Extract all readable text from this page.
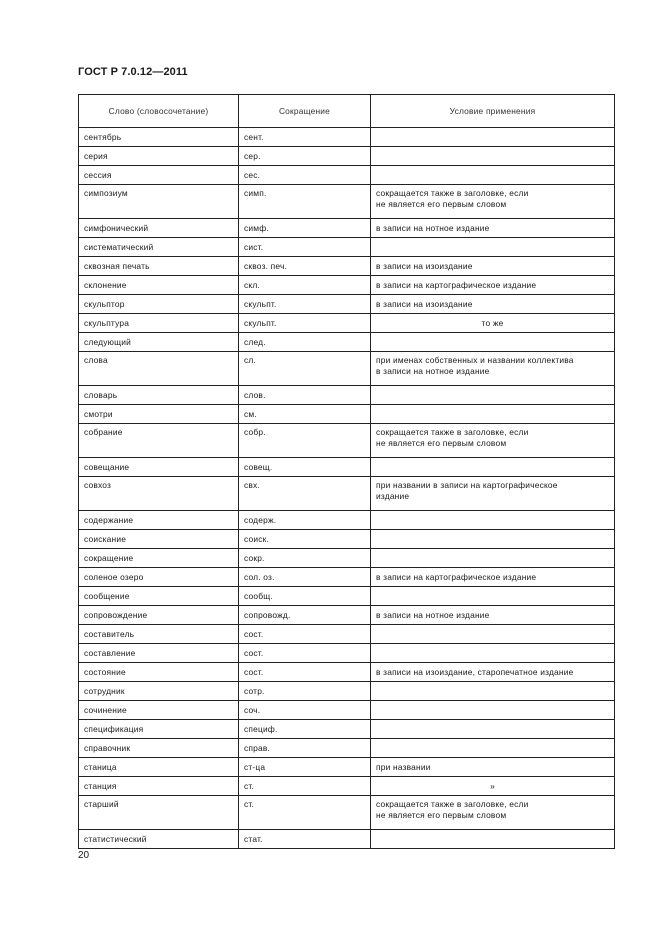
ГОСТ Р 7.0.12—2011
Слово (словосочетание)	Сокращение	Условие применения
сентябрь	сент.	
серия	сер.	
сессия	сес.	
симпозиум	симп.	сокращается также в заголовке, если
не является его первым словом
симфонический	симф.	в записи на нотное издание
систематический	сист.	
сквозная печать	сквоз. печ.	в записи на изоиздание
склонение	скл.	в записи на картографическое издание
скульптор	скульпт.	в записи на изоиздание
скульптура	скульпт.	то же
следующий	след.	
слова	сл.	при именах собственных и названии коллектива
в записи на нотное издание
словарь	слов.	
смотри	см.	
собрание	собр.	сокращается также в заголовке, если
не является его первым словом
совещание	совещ.	
совхоз	свх.	при названии в записи на картографическое
издание
содержание	содерж.	
соискание	соиск.	
сокращение	сокр.	
соленое озеро	сол. оз.	в записи на картографическое издание
сообщение	сообщ.	
сопровождение	сопровожд.	в записи на нотное издание
составитель	сост.	
составление	сост.	
состояние	сост.	в записи на изоиздание, старопечатное издание
сотрудник	сотр.	
сочинение	соч.	
спецификация	специф.	
справочник	справ.	
станица	ст-ца	при названии
станция	ст.	»
старший	ст.	сокращается также в заголовке, если
не является его первым словом
статистический	стат.	
20
